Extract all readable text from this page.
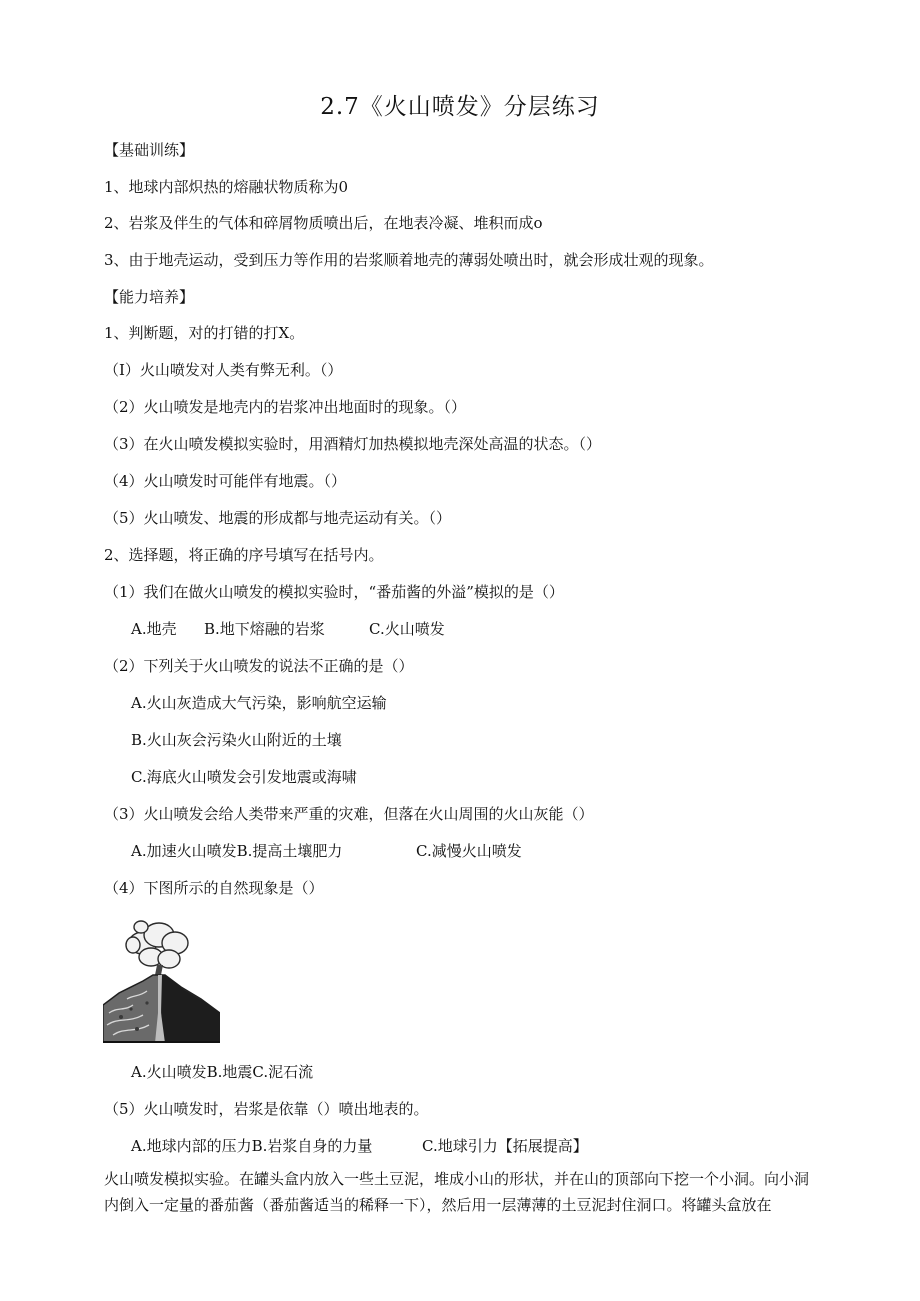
2.7《火山喷发》分层练习
【基础训练】
1、地球内部炽热的熔融状物质称为0
2、岩浆及伴生的气体和碎屑物质喷出后，在地表冷凝、堆积而成o
3、由于地壳运动，受到压力等作用的岩浆顺着地壳的薄弱处喷出时，就会形成壮观的现象。
【能力培养】
1、判断题，对的打错的打X。
（I）火山喷发对人类有弊无利。（）
（2）火山喷发是地壳内的岩浆冲出地面时的现象。（）
（3）在火山喷发模拟实验时，用酒精灯加热模拟地壳深处高温的状态。（）
（4）火山喷发时可能伴有地震。（）
（5）火山喷发、地震的形成都与地壳运动有关。（）
2、选择题，将正确的序号填写在括号内。
（1）我们在做火山喷发的模拟实验时，“番茄酱的外溢”模拟的是（）
A.地壳 B.地下熔融的岩浆	C.火山喷发
（2）下列关于火山喷发的说法不正确的是（）
A.火山灰造成大气污染，影响航空运输
B.火山灰会污染火山附近的土壤
C.海底火山喷发会引发地震或海啸
（3）火山喷发会给人类带来严重的灾难，但落在火山周围的火山灰能（）
A.加速火山喷发B.提高土壤肥力	C.减慢火山喷发
（4）下图所示的自然现象是（）
A.火山喷发B.地震C.泥石流
（5）火山喷发时，岩浆是依靠（）喷出地表的。
A.地球内部的压力B.岩浆自身的力量	C.地球引力【拓展提高】
火山喷发模拟实验。在罐头盒内放入一些土豆泥，堆成小山的形状，并在山的顶部向下挖一个小洞。向小洞内倒入一定量的番茄酱（番茄酱适当的稀释一下），然后用一层薄薄的土豆泥封住洞口。将罐头盒放在
